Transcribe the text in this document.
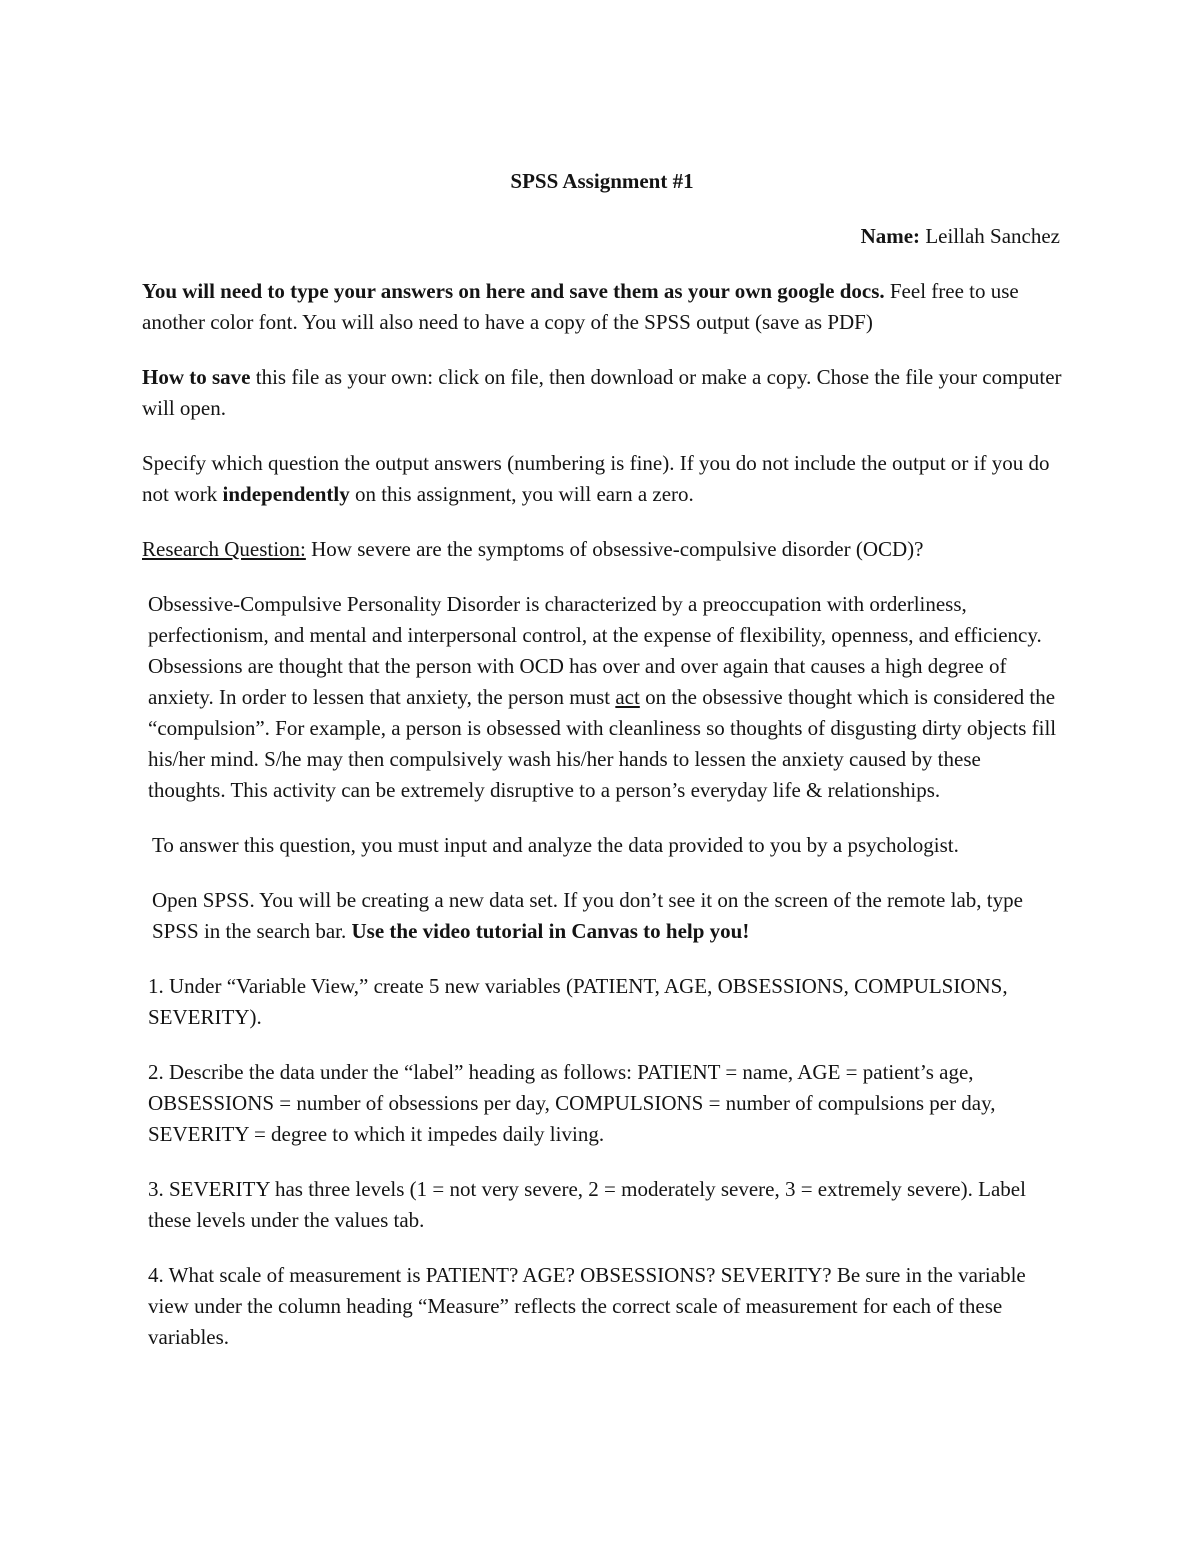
SPSS Assignment #1
Name: Leillah Sanchez

You will need to type your answers on here and save them as your own google docs. Feel free to use another color font. You will also need to have a copy of the SPSS output (save as PDF)

How to save this file as your own: click on file, then download or make a copy. Chose the file your computer will open.

Specify which question the output answers (numbering is fine). If you do not include the output or if you do not work independently on this assignment, you will earn a zero.

Research Question: How severe are the symptoms of obsessive-compulsive disorder (OCD)?

Obsessive-Compulsive Personality Disorder is characterized by a preoccupation with orderliness, perfectionism, and mental and interpersonal control, at the expense of flexibility, openness, and efficiency. Obsessions are thought that the person with OCD has over and over again that causes a high degree of anxiety. In order to lessen that anxiety, the person must act on the obsessive thought which is considered the “compulsion”. For example, a person is obsessed with cleanliness so thoughts of disgusting dirty objects fill his/her mind. S/he may then compulsively wash his/her hands to lessen the anxiety caused by these thoughts. This activity can be extremely disruptive to a person’s everyday life & relationships.

To answer this question, you must input and analyze the data provided to you by a psychologist.

Open SPSS. You will be creating a new data set. If you don’t see it on the screen of the remote lab, type SPSS in the search bar. Use the video tutorial in Canvas to help you!

1. Under “Variable View,” create 5 new variables (PATIENT, AGE, OBSESSIONS, COMPULSIONS, SEVERITY).

2. Describe the data under the “label” heading as follows: PATIENT = name, AGE = patient’s age, OBSESSIONS = number of obsessions per day, COMPULSIONS = number of compulsions per day, SEVERITY = degree to which it impedes daily living.

3. SEVERITY has three levels (1 = not very severe, 2 = moderately severe, 3 = extremely severe). Label these levels under the values tab.

4. What scale of measurement is PATIENT? AGE? OBSESSIONS? SEVERITY? Be sure in the variable view under the column heading “Measure” reflects the correct scale of measurement for each of these variables.
